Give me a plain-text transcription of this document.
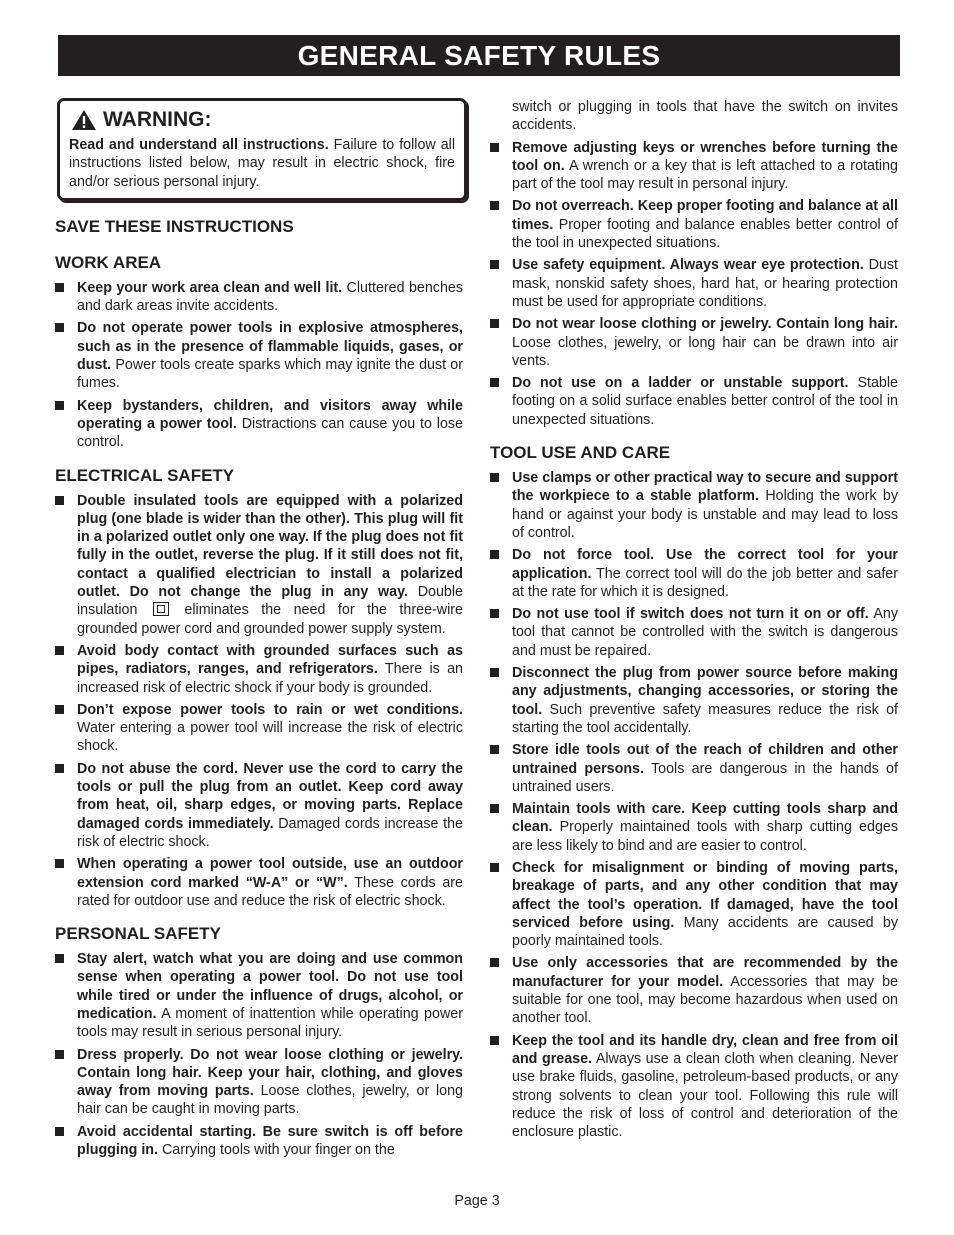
GENERAL SAFETY RULES
WARNING:
Read and understand all instructions. Failure to follow all instructions listed below, may result in electric shock, fire and/or serious personal injury.
SAVE THESE INSTRUCTIONS
WORK AREA
Keep your work area clean and well lit. Cluttered benches and dark areas invite accidents.
Do not operate power tools in explosive atmospheres, such as in the presence of flammable liquids, gases, or dust. Power tools create sparks which may ignite the dust or fumes.
Keep bystanders, children, and visitors away while operating a power tool. Distractions can cause you to lose control.
ELECTRICAL SAFETY
Double insulated tools are equipped with a polarized plug (one blade is wider than the other). This plug will fit in a polarized outlet only one way. If the plug does not fit fully in the outlet, reverse the plug. If it still does not fit, contact a qualified electrician to install a polarized outlet. Do not change the plug in any way. Double insulation  eliminates the need for the three-wire grounded power cord and grounded power supply system.
Avoid body contact with grounded surfaces such as pipes, radiators, ranges, and refrigerators. There is an increased risk of electric shock if your body is grounded.
Don’t expose power tools to rain or wet conditions. Water entering a power tool will increase the risk of electric shock.
Do not abuse the cord. Never use the cord to carry the tools or pull the plug from an outlet. Keep cord away from heat, oil, sharp edges, or moving parts. Replace damaged cords immediately. Damaged cords increase the risk of electric shock.
When operating a power tool outside, use an outdoor extension cord marked “W-A” or “W”. These cords are rated for outdoor use and reduce the risk of electric shock.
PERSONAL SAFETY
Stay alert, watch what you are doing and use common sense when operating a power tool. Do not use tool while tired or under the influence of drugs, alcohol, or medication. A moment of inattention while operating power tools may result in serious personal injury.
Dress properly. Do not wear loose clothing or jewelry. Contain long hair. Keep your hair, clothing, and gloves away from moving parts. Loose clothes, jewelry, or long hair can be caught in moving parts.
Avoid accidental starting. Be sure switch is off before plugging in. Carrying tools with your finger on the
switch or plugging in tools that have the switch on invites accidents.
Remove adjusting keys or wrenches before turning the tool on. A wrench or a key that is left attached to a rotating part of the tool may result in personal injury.
Do not overreach. Keep proper footing and balance at all times. Proper footing and balance enables better control of the tool in unexpected situations.
Use safety equipment. Always wear eye protection. Dust mask, nonskid safety shoes, hard hat, or hearing protection must be used for appropriate conditions.
Do not wear loose clothing or jewelry. Contain long hair. Loose clothes, jewelry, or long hair can be drawn into air vents.
Do not use on a ladder or unstable support. Stable footing on a solid surface enables better control of the tool in unexpected situations.
TOOL USE AND CARE
Use clamps or other practical way to secure and support the workpiece to a stable platform. Holding the work by hand or against your body is unstable and may lead to loss of control.
Do not force tool. Use the correct tool for your application. The correct tool will do the job better and safer at the rate for which it is designed.
Do not use tool if switch does not turn it on or off. Any tool that cannot be controlled with the switch is dangerous and must be repaired.
Disconnect the plug from power source before making any adjustments, changing accessories, or storing the tool. Such preventive safety measures reduce the risk of starting the tool accidentally.
Store idle tools out of the reach of children and other untrained persons. Tools are dangerous in the hands of untrained users.
Maintain tools with care. Keep cutting tools sharp and clean. Properly maintained tools with sharp cutting edges are less likely to bind and are easier to control.
Check for misalignment or binding of moving parts, breakage of parts, and any other condition that may affect the tool’s operation. If damaged, have the tool serviced before using. Many accidents are caused by poorly maintained tools.
Use only accessories that are recommended by the manufacturer for your model. Accessories that may be suitable for one tool, may become hazardous when used on another tool.
Keep the tool and its handle dry, clean and free from oil and grease. Always use a clean cloth when cleaning. Never use brake fluids, gasoline, petroleum-based products, or any strong solvents to clean your tool. Following this rule will reduce the risk of loss of control and deterioration of the enclosure plastic.
Page 3
